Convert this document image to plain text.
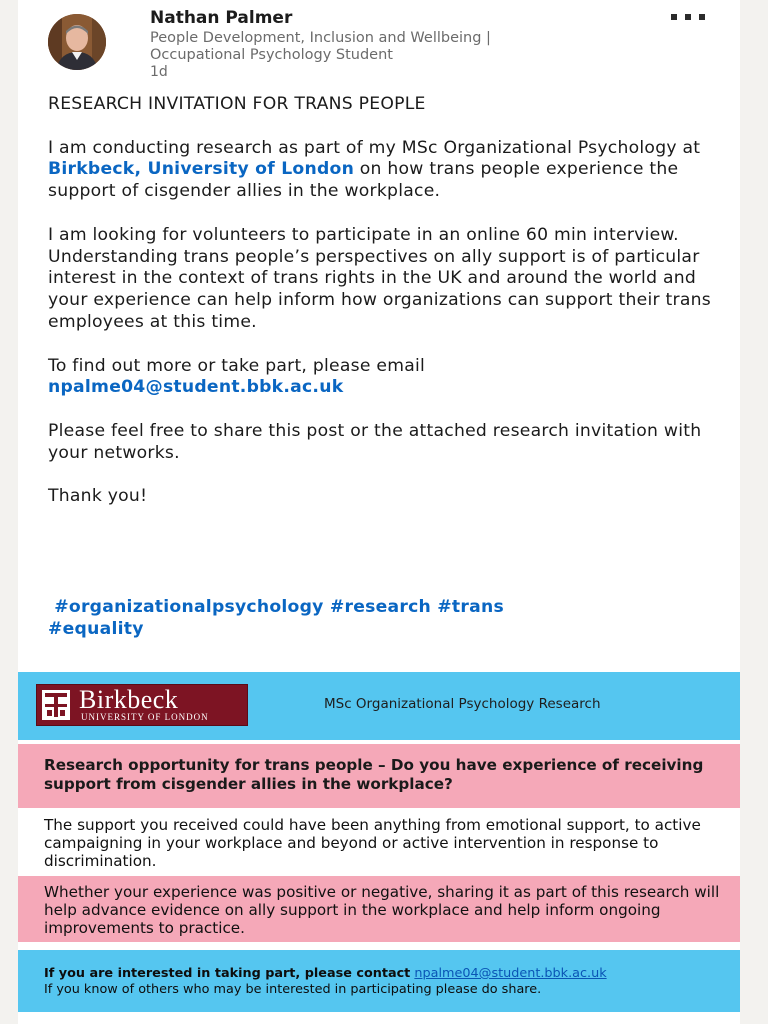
Nathan Palmer
People Development, Inclusion and Wellbeing |
Occupational Psychology Student
1d

RESEARCH INVITATION FOR TRANS PEOPLE

I am conducting research as part of my MSc Organizational Psychology at Birkbeck, University of London on how trans people experience the support of cisgender allies in the workplace.

I am looking for volunteers to participate in an online 60 min interview. Understanding trans people’s perspectives on ally support is of particular interest in the context of trans rights in the UK and around the world and your experience can help inform how organizations can support their trans employees at this time.

To find out more or take part, please email
npalme04@student.bbk.ac.uk

Please feel free to share this post or the attached research invitation with your networks.

Thank you!

#organizationalpsychology #research #trans
#equality
Birkbeck
UNIVERSITY OF LONDON
MSc Organizational Psychology Research
Research opportunity for trans people – Do you have experience of receiving support from cisgender allies in the workplace?
The support you received could have been anything from emotional support, to active campaigning in your workplace and beyond or active intervention in response to discrimination.
Whether your experience was positive or negative, sharing it as part of this research will help advance evidence on ally support in the workplace and help inform ongoing improvements to practice.
If you are interested in taking part, please contact npalme04@student.bbk.ac.uk
If you know of others who may be interested in participating please do share.
